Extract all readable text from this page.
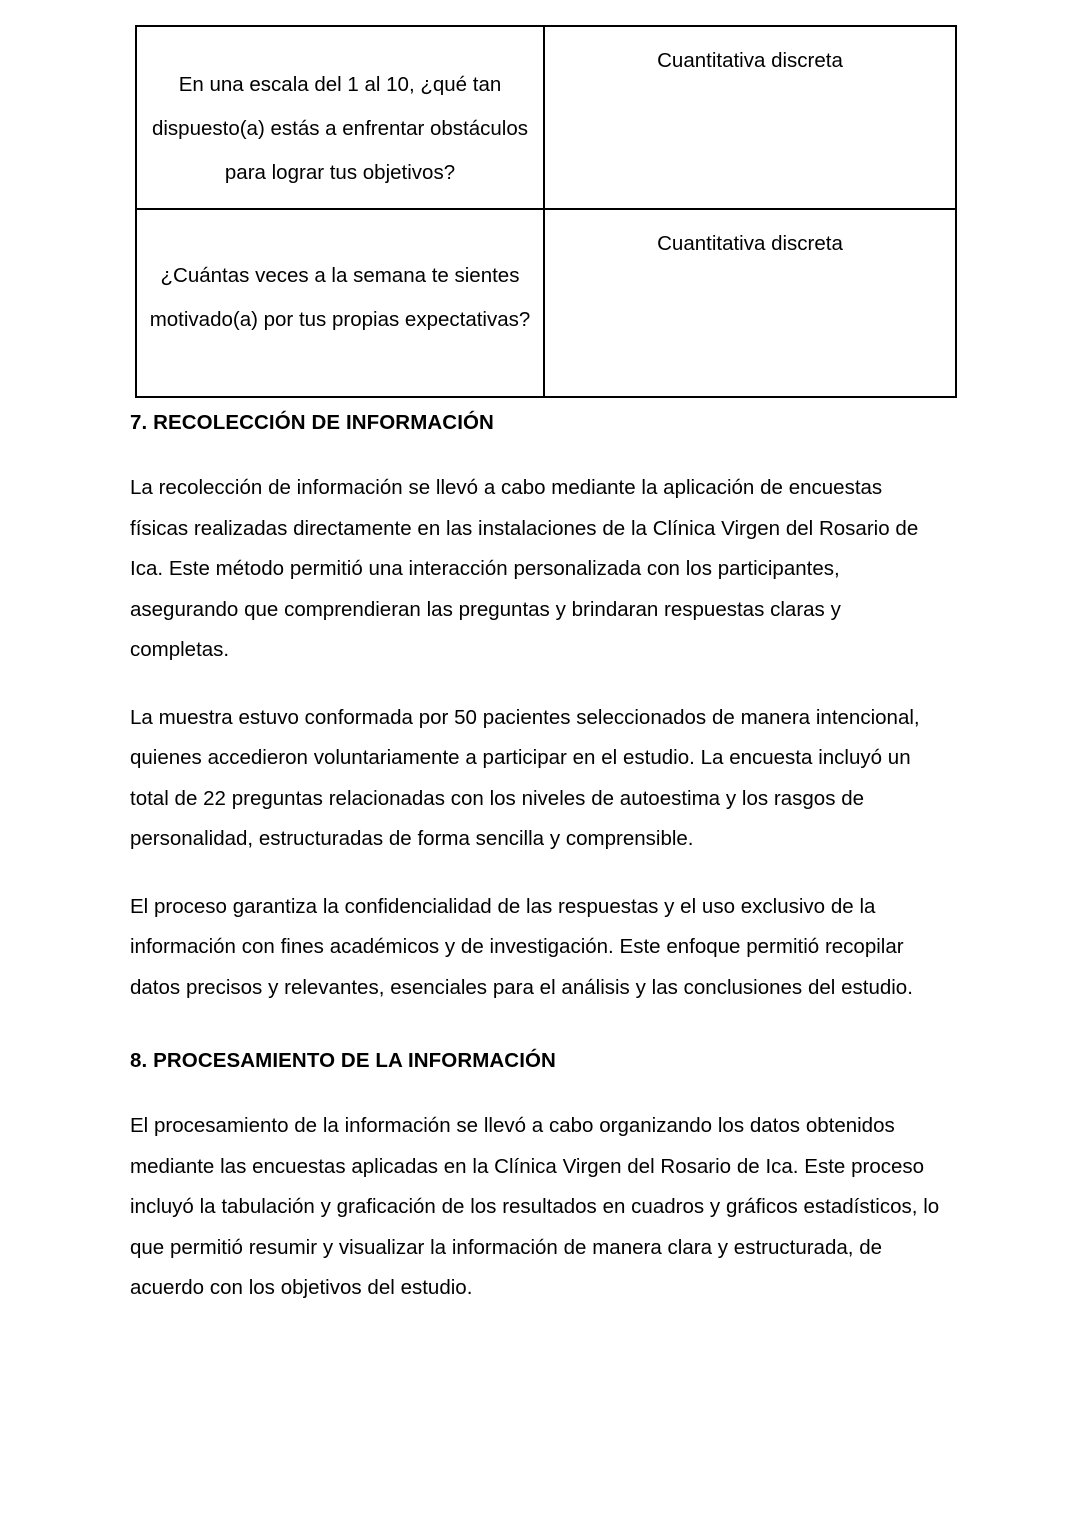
En una escala del 1 al 10, ¿qué tan dispuesto(a) estás a enfrentar obstáculos para lograr tus objetivos?	Cuantitativa discreta

¿Cuántas veces a la semana te sientes motivado(a) por tus propias expectativas?	Cuantitativa discreta
7. RECOLECCIÓN DE INFORMACIÓN

La recolección de información se llevó a cabo mediante la aplicación de encuestas físicas realizadas directamente en las instalaciones de la Clínica Virgen del Rosario de Ica. Este método permitió una interacción personalizada con los participantes, asegurando que comprendieran las preguntas y brindaran respuestas claras y completas.

La muestra estuvo conformada por 50 pacientes seleccionados de manera intencional, quienes accedieron voluntariamente a participar en el estudio. La encuesta incluyó un total de 22 preguntas relacionadas con los niveles de autoestima y los rasgos de personalidad, estructuradas de forma sencilla y comprensible.

El proceso garantiza la confidencialidad de las respuestas y el uso exclusivo de la información con fines académicos y de investigación. Este enfoque permitió recopilar datos precisos y relevantes, esenciales para el análisis y las conclusiones del estudio.

8. PROCESAMIENTO DE LA INFORMACIÓN

El procesamiento de la información se llevó a cabo organizando los datos obtenidos mediante las encuestas aplicadas en la Clínica Virgen del Rosario de Ica. Este proceso incluyó la tabulación y graficación de los resultados en cuadros y gráficos estadísticos, lo que permitió resumir y visualizar la información de manera clara y estructurada, de acuerdo con los objetivos del estudio.
